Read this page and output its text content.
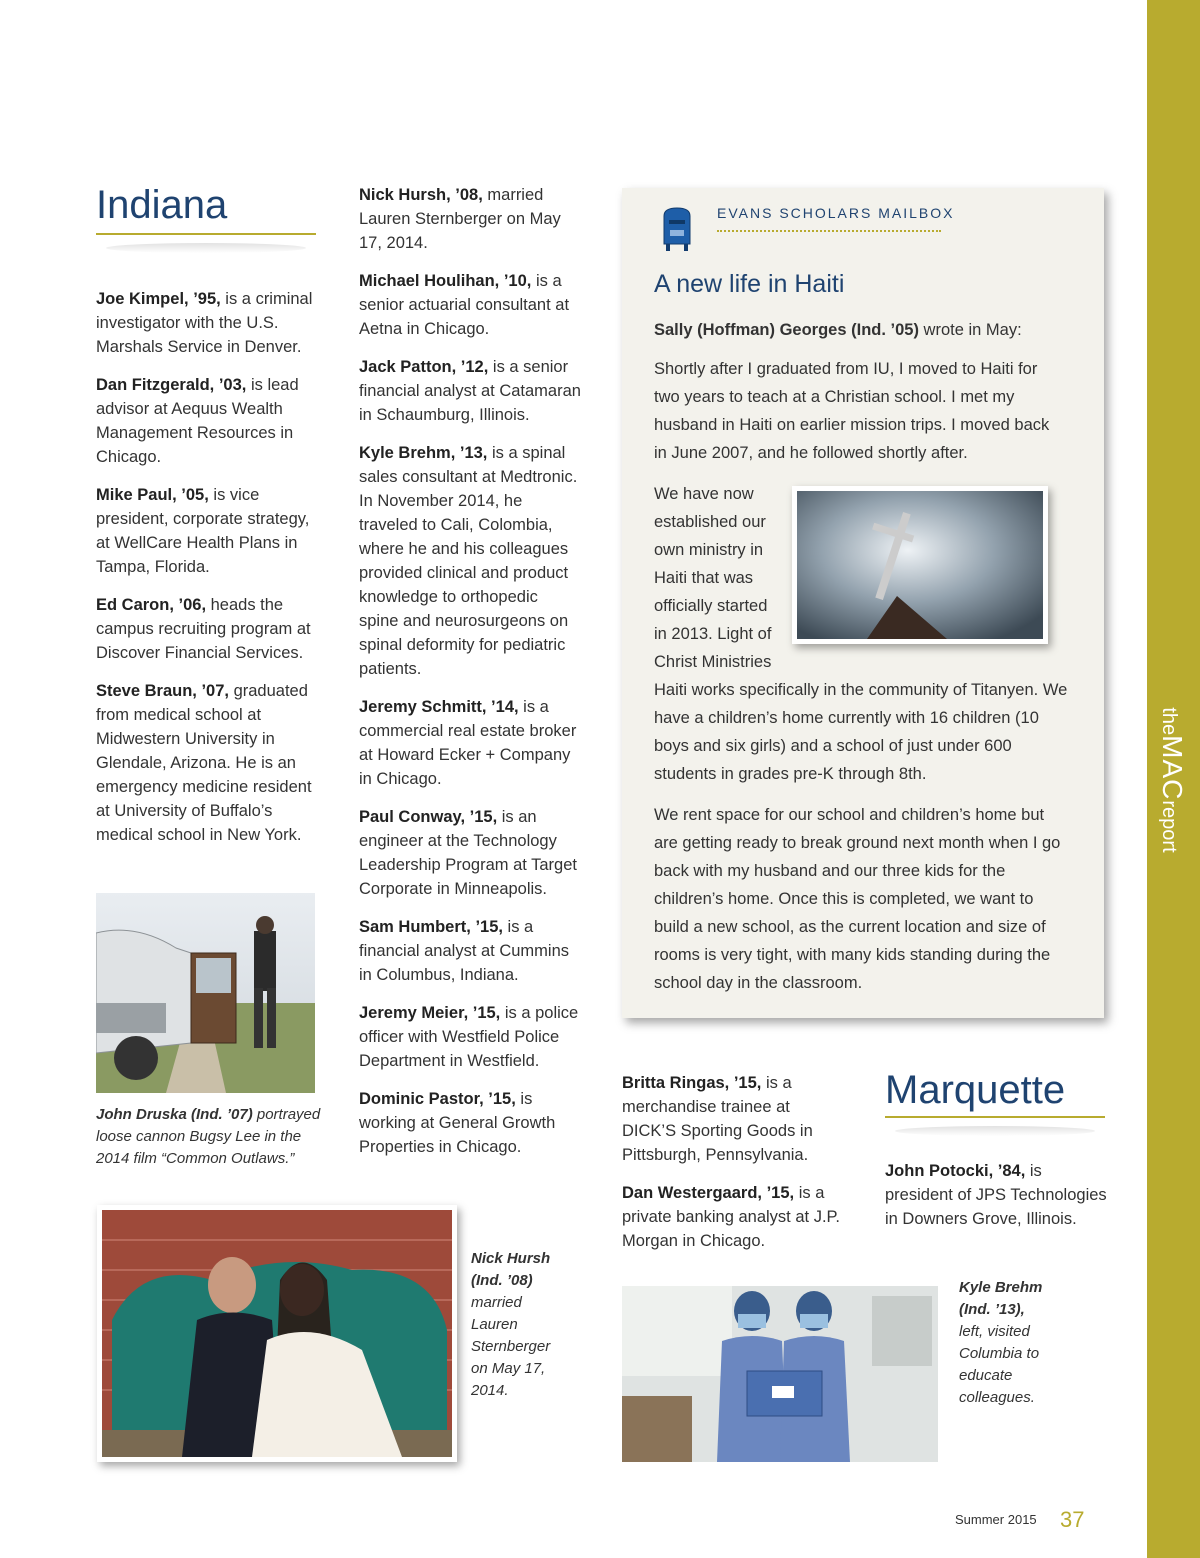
theMACreport
Indiana

Joe Kimpel, ’95, is a criminal investigator with the U.S. Marshals Service in Denver.

Dan Fitzgerald, ’03, is lead advisor at Aequus Wealth Management Resources in Chicago.

Mike Paul, ’05, is vice president, corporate strategy, at WellCare Health Plans in Tampa, Florida.

Ed Caron, ’06, heads the campus recruiting program at Discover Financial Services.

Steve Braun, ’07, graduated from medical school at Midwestern University in Glendale, Arizona. He is an emergency medicine resident at University of Buffalo’s medical school in New York.

John Druska (Ind. ’07) portrayed loose cannon Bugsy Lee in the 2014 film “Common Outlaws.”

Nick Hursh, ’08, married Lauren Sternberger on May 17, 2014.

Michael Houlihan, ’10, is a senior actuarial consultant at Aetna in Chicago.

Jack Patton, ’12, is a senior financial analyst at Catamaran in Schaumburg, Illinois.

Kyle Brehm, ’13, is a spinal sales consultant at Medtronic. In November 2014, he traveled to Cali, Colombia, where he and his colleagues provided clinical and product knowledge to orthopedic spine and neurosurgeons on spinal deformity for pediatric patients.

Jeremy Schmitt, ’14, is a commercial real estate broker at Howard Ecker + Company in Chicago.

Paul Conway, ’15, is an engineer at the Technology Leadership Program at Target Corporate in Minneapolis.

Sam Humbert, ’15, is a financial analyst at Cummins in Columbus, Indiana.

Jeremy Meier, ’15, is a police officer with Westfield Police Department in Westfield.

Dominic Pastor, ’15, is working at General Growth Properties in Chicago.

EVANS SCHOLARS MAILBOX
A new life in Haiti

Sally (Hoffman) Georges (Ind. ’05) wrote in May:

Shortly after I graduated from IU, I moved to Haiti for two years to teach at a Christian school. I met my husband in Haiti on earlier mission trips. I moved back in June 2007, and he followed shortly after.

We have now established our own ministry in Haiti that was officially started in 2013. Light of Christ Ministries

Haiti works specifically in the community of Titanyen. We have a children’s home currently with 16 children (10 boys and six girls) and a school of just under 600 students in grades pre-K through 8th.

We rent space for our school and children’s home but are getting ready to break ground next month when I go back with my husband and our three kids for the children’s home. Once this is completed, we want to build a new school, as the current location and size of rooms is very tight, with many kids standing during the school day in the classroom.

Nick Hursh (Ind. ’08) married Lauren Sternberger on May 17, 2014.

Britta Ringas, ’15, is a merchandise trainee at DICK’S Sporting Goods in Pittsburgh, Pennsylvania.

Dan Westergaard, ’15, is a private banking analyst at J.P. Morgan in Chicago.

Marquette

John Potocki, ’84, is president of JPS Technologies in Downers Grove, Illinois.

Kyle Brehm (Ind. ’13), left, visited Columbia to educate colleagues.

Summer 2015 37
